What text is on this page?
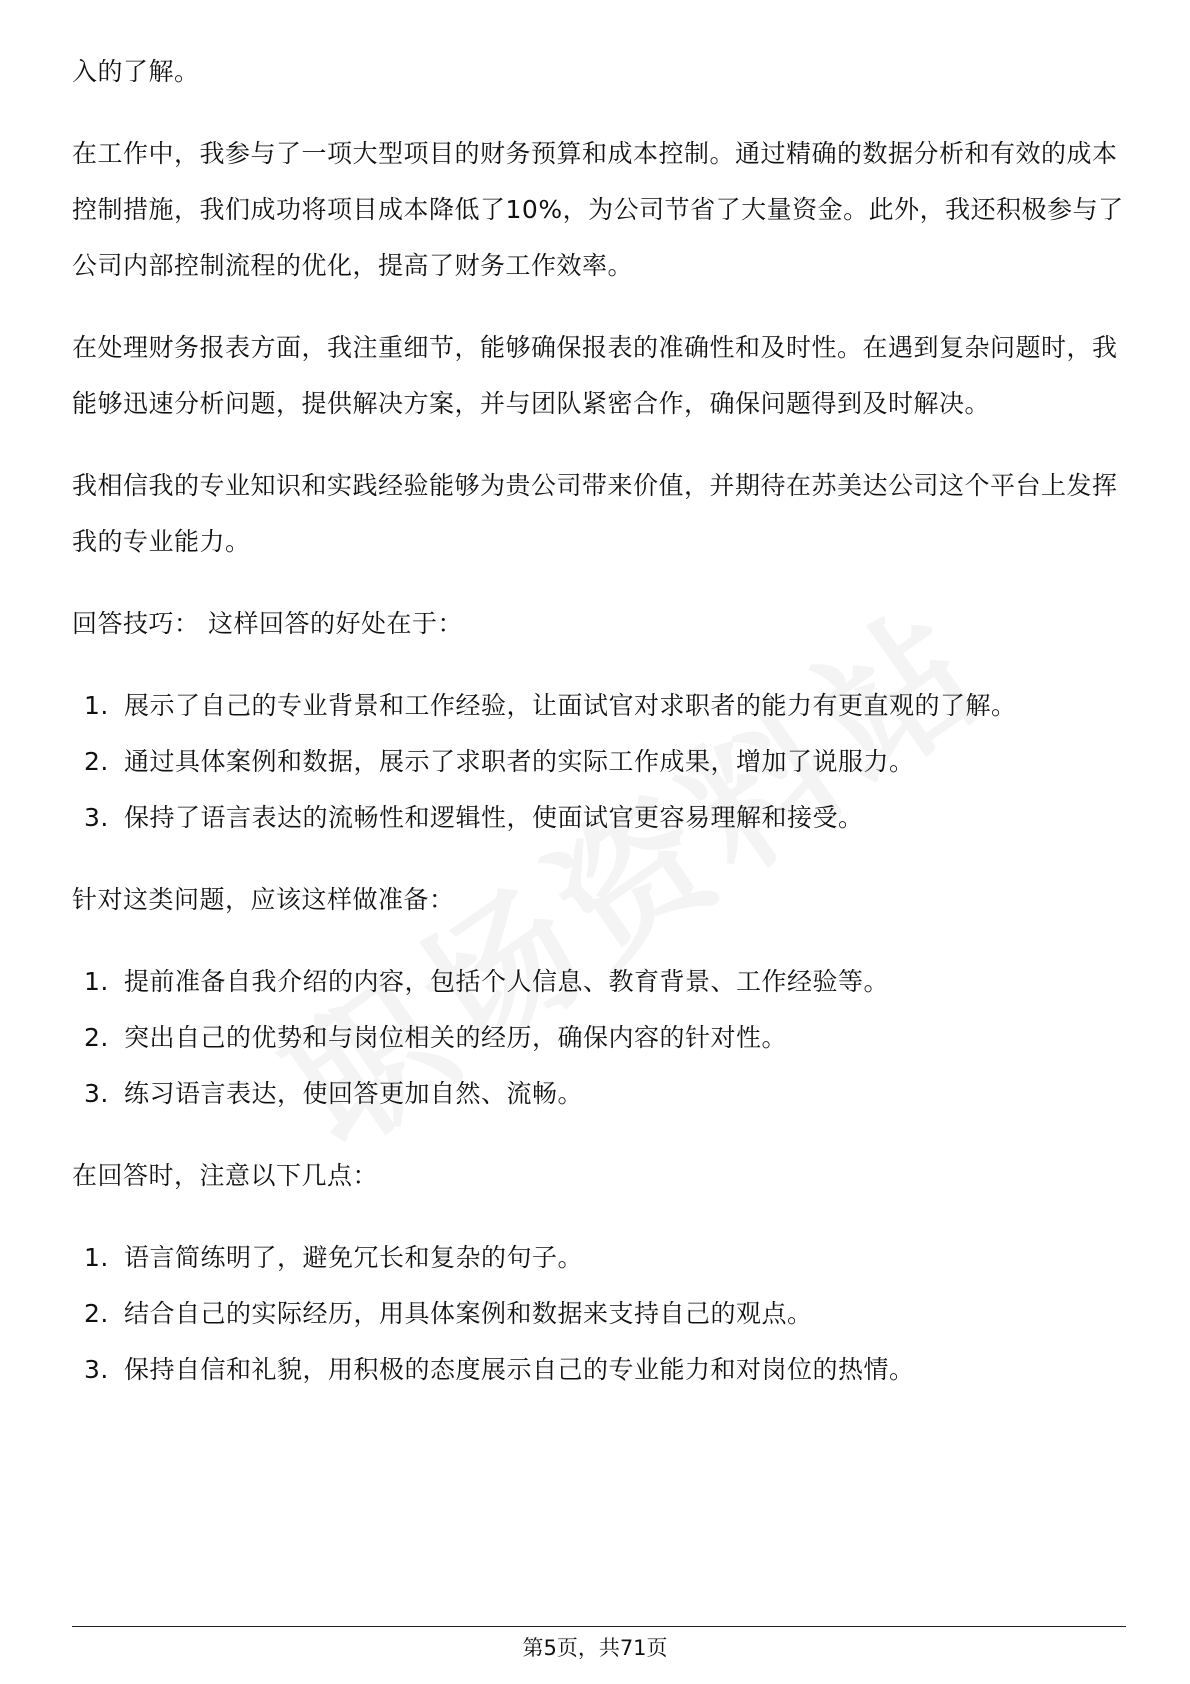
入的了解。

在工作中，我参与了一项大型项目的财务预算和成本控制。通过精确的数据分析和有效的成本控制措施，我们成功将项目成本降低了10%，为公司节省了大量资金。此外，我还积极参与了公司内部控制流程的优化，提高了财务工作效率。

在处理财务报表方面，我注重细节，能够确保报表的准确性和及时性。在遇到复杂问题时，我能够迅速分析问题，提供解决方案，并与团队紧密合作，确保问题得到及时解决。

我相信我的专业知识和实践经验能够为贵公司带来价值，并期待在苏美达公司这个平台上发挥我的专业能力。

回答技巧： 这样回答的好处在于：

1. 展示了自己的专业背景和工作经验，让面试官对求职者的能力有更直观的了解。
2. 通过具体案例和数据，展示了求职者的实际工作成果，增加了说服力。
3. 保持了语言表达的流畅性和逻辑性，使面试官更容易理解和接受。

针对这类问题，应该这样做准备：

1. 提前准备自我介绍的内容，包括个人信息、教育背景、工作经验等。
2. 突出自己的优势和与岗位相关的经历，确保内容的针对性。
3. 练习语言表达，使回答更加自然、流畅。

在回答时，注意以下几点：

1. 语言简练明了，避免冗长和复杂的句子。
2. 结合自己的实际经历，用具体案例和数据来支持自己的观点。
3. 保持自信和礼貌，用积极的态度展示自己的专业能力和对岗位的热情。
第5页，共71页
